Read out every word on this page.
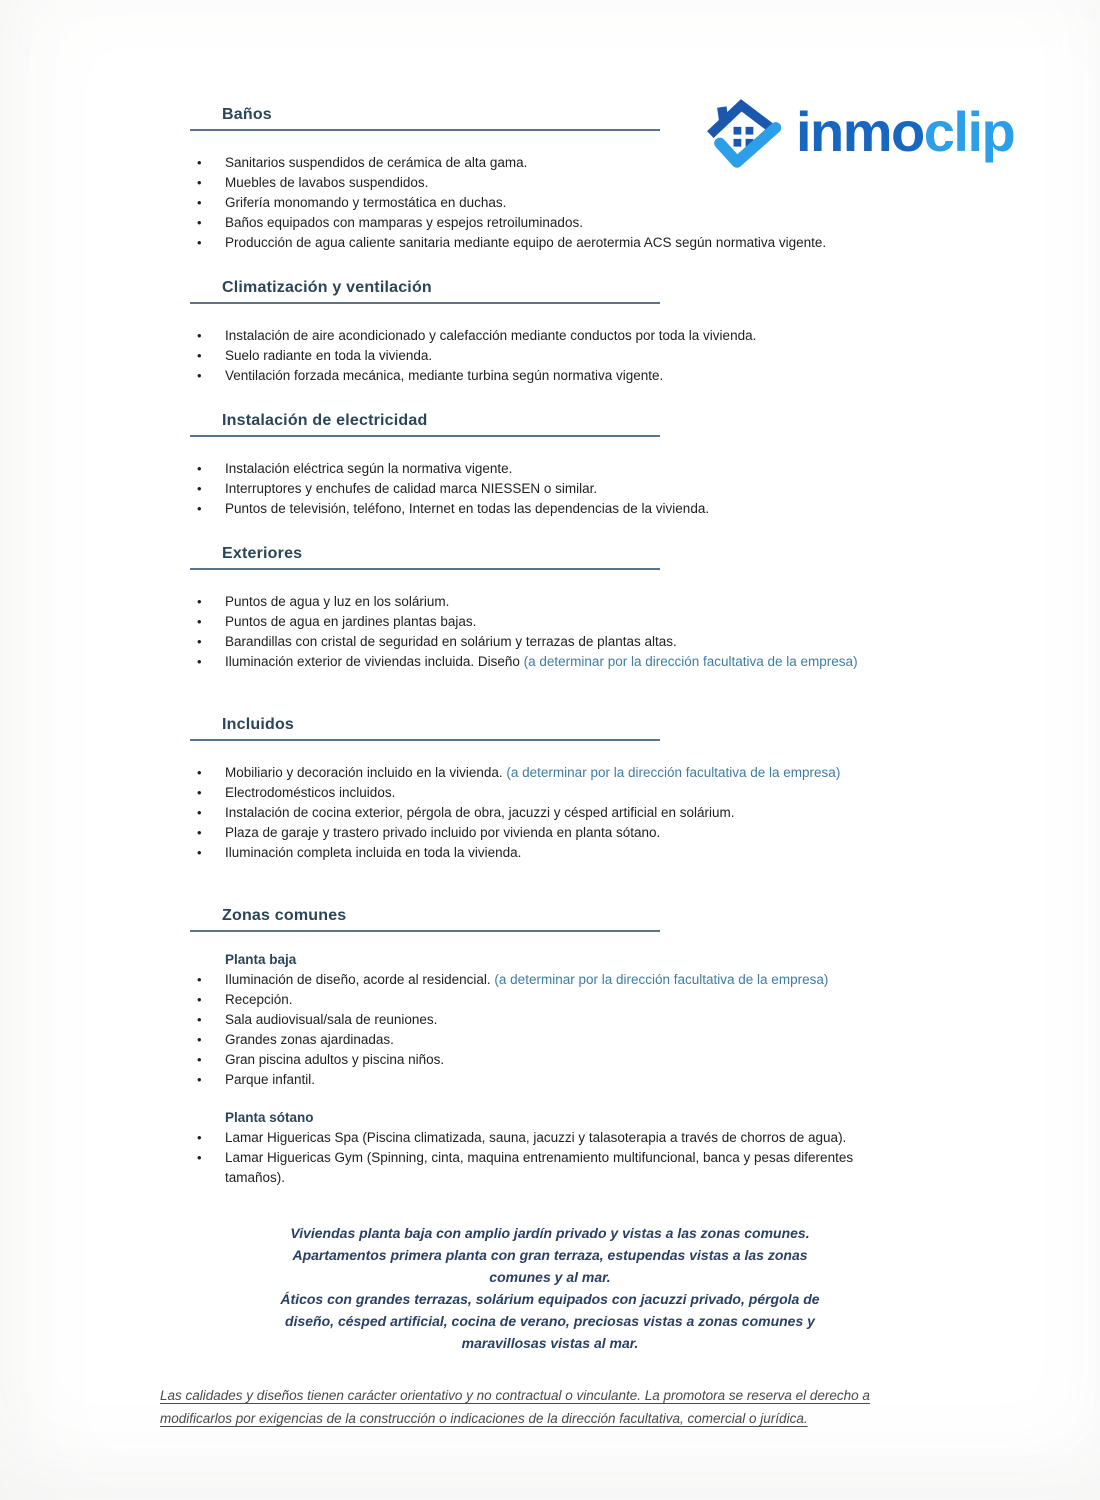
inmoclip
Baños
• Sanitarios suspendidos de cerámica de alta gama.
• Muebles de lavabos suspendidos.
• Grifería monomando y termostática en duchas.
• Baños equipados con mamparas y espejos retroiluminados.
• Producción de agua caliente sanitaria mediante equipo de aerotermia ACS según normativa vigente.
Climatización y ventilación
• Instalación de aire acondicionado y calefacción mediante conductos por toda la vivienda.
• Suelo radiante en toda la vivienda.
• Ventilación forzada mecánica, mediante turbina según normativa vigente.
Instalación de electricidad
• Instalación eléctrica según la normativa vigente.
• Interruptores y enchufes de calidad marca NIESSEN o similar.
• Puntos de televisión, teléfono, Internet en todas las dependencias de la vivienda.
Exteriores
• Puntos de agua y luz en los solárium.
• Puntos de agua en jardines plantas bajas.
• Barandillas con cristal de seguridad en solárium y terrazas de plantas altas.
• Iluminación exterior de viviendas incluida. Diseño (a determinar por la dirección facultativa de la empresa)
Incluidos
• Mobiliario y decoración incluido en la vivienda. (a determinar por la dirección facultativa de la empresa)
• Electrodomésticos incluidos.
• Instalación de cocina exterior, pérgola de obra, jacuzzi y césped artificial en solárium.
• Plaza de garaje y trastero privado incluido por vivienda en planta sótano.
• Iluminación completa incluida en toda la vivienda.
Zonas comunes
Planta baja
• Iluminación de diseño, acorde al residencial. (a determinar por la dirección facultativa de la empresa)
• Recepción.
• Sala audiovisual/sala de reuniones.
• Grandes zonas ajardinadas.
• Gran piscina adultos y piscina niños.
• Parque infantil.
Planta sótano
• Lamar Higuericas Spa (Piscina climatizada, sauna, jacuzzi y talasoterapia a través de chorros de agua).
• Lamar Higuericas Gym (Spinning, cinta, maquina entrenamiento multifuncional, banca y pesas diferentes tamaños).

Viviendas planta baja con amplio jardín privado y vistas a las zonas comunes.

Apartamentos primera planta con gran terraza, estupendas vistas a las zonas comunes y al mar.

Áticos con grandes terrazas, solárium equipados con jacuzzi privado, pérgola de diseño, césped artificial, cocina de verano, preciosas vistas a zonas comunes y maravillosas vistas al mar.

Las calidades y diseños tienen carácter orientativo y no contractual o vinculante. La promotora se reserva el derecho a modificarlos por exigencias de la construcción o indicaciones de la dirección facultativa, comercial o jurídica.
